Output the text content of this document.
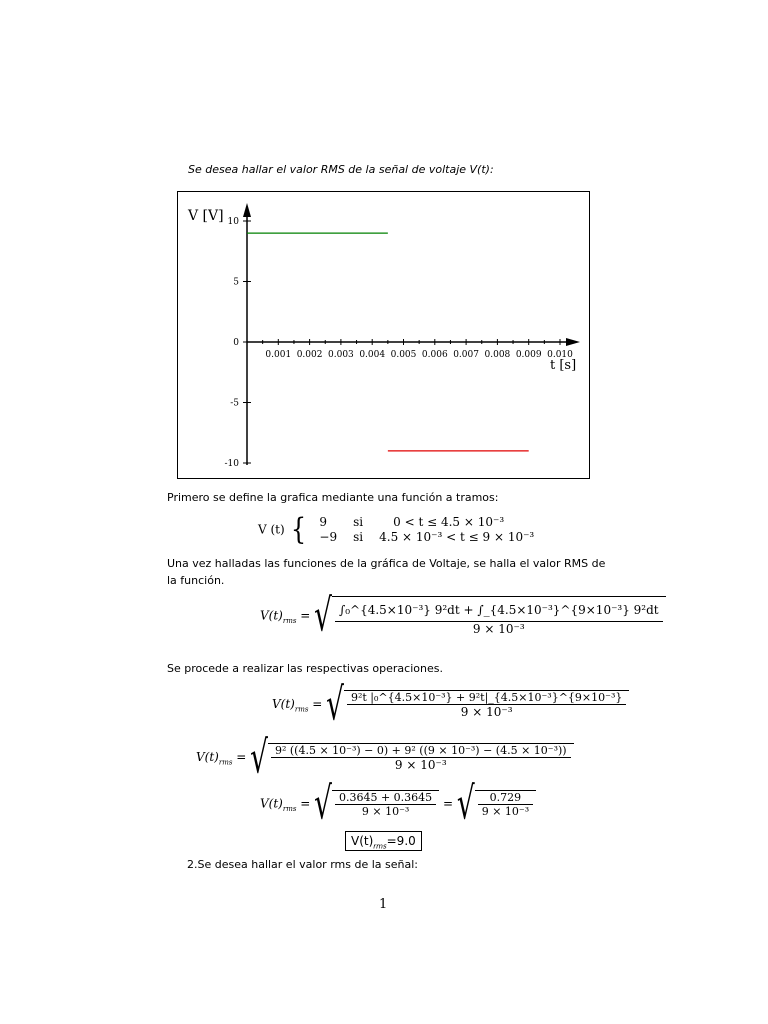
Se desea hallar el valor RMS de la señal de voltaje V(t):
0.001 0.002 0.003 0.004 0.005 0.006 0.007 0.008 0.009 0.010
10
5
0
-5
-10
V [V]
t [s]
Primero se define la grafica mediante una función a tramos:
V (t) { 9	si	0 < t ≤ 4.5 × 10⁻³
−9	si	4.5 × 10⁻³ < t ≤ 9 × 10⁻³
Una vez halladas las funciones de la gráfica de Voltaje, se halla el valor RMS de la función.
$V(t)_{rms}$ = √ $\frac{\text{∫₀\textasciicircum{}\{4.5×10⁻³\} 9²dt + ∫\_\{4.5×10⁻³\}\textasciicircum{}\{9×10⁻³\} 9²dt}}{\text{9 × 10⁻³}}$
Se procede a realizar las respectivas operaciones.
$V(t)_{rms}$ = √ $\frac{\text{9²t |₀\textasciicircum{}\{4.5×10⁻³\} + 9²t|\_\{4.5×10⁻³\}\textasciicircum{}\{9×10⁻³\}}}{\text{9 × 10⁻³}}$
$V(t)_{rms}$ = √ $\frac{\text{9² ((4.5 × 10⁻³) − 0) + 9² ((9 × 10⁻³) − (4.5 × 10⁻³))}}{\text{9 × 10⁻³}}$
$V(t)_{rms}$ = √ $\frac{0.3645 + 0.3645}{\text{9 × 10⁻³}}$ = √ $\frac{0.729}{\text{9 × 10⁻³}}$
$V(t)_{rms}=9.0$
2.Se desea hallar el valor rms de la señal:
1
